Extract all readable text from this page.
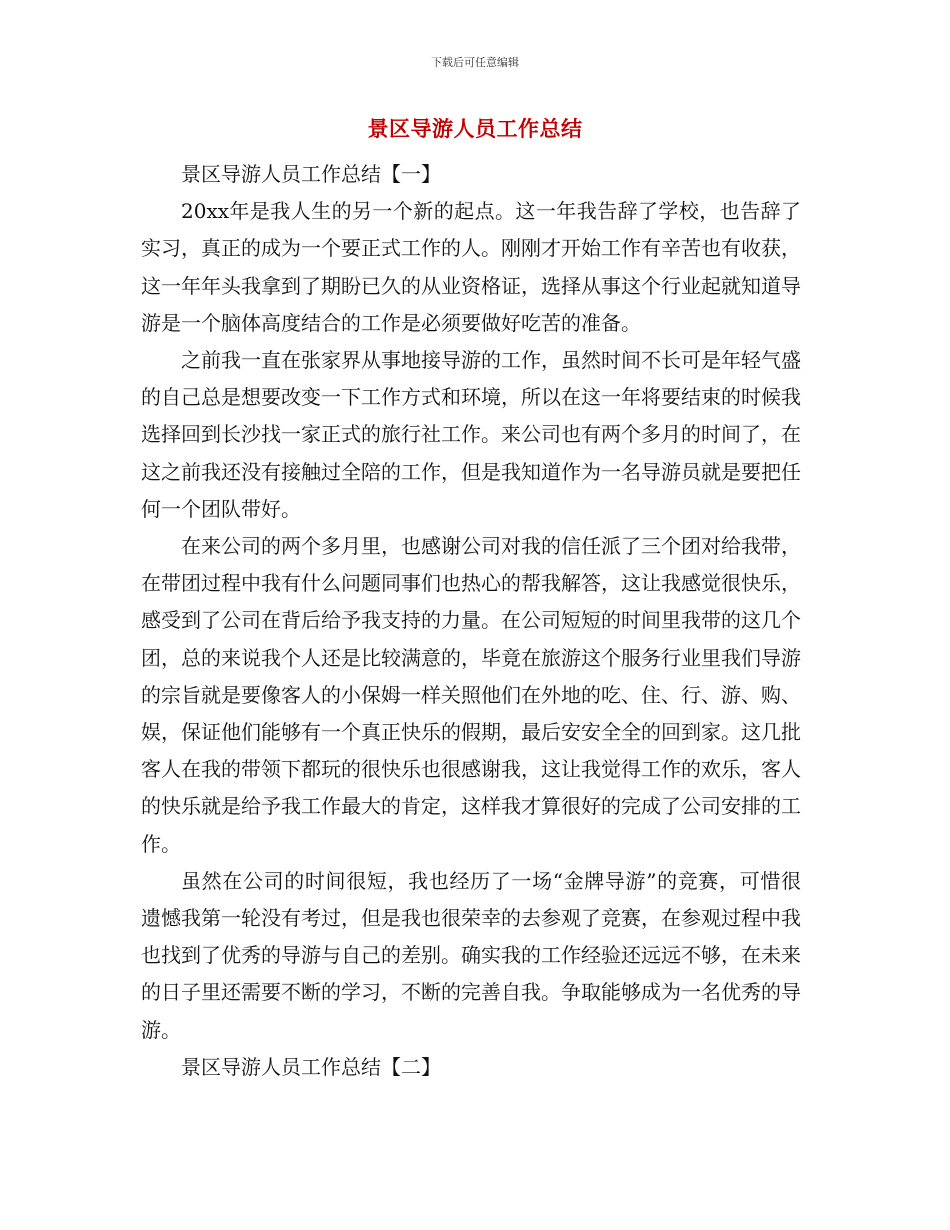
下载后可任意编辑
景区导游人员工作总结

景区导游人员工作总结【一】

20xx年是我人生的另一个新的起点。这一年我告辞了学校，也告辞了实习，真正的成为一个要正式工作的人。刚刚才开始工作有辛苦也有收获，这一年年头我拿到了期盼已久的从业资格证，选择从事这个行业起就知道导游是一个脑体高度结合的工作是必须要做好吃苦的准备。

之前我一直在张家界从事地接导游的工作，虽然时间不长可是年轻气盛的自己总是想要改变一下工作方式和环境，所以在这一年将要结束的时候我选择回到长沙找一家正式的旅行社工作。来公司也有两个多月的时间了，在这之前我还没有接触过全陪的工作，但是我知道作为一名导游员就是要把任何一个团队带好。

在来公司的两个多月里，也感谢公司对我的信任派了三个团对给我带，在带团过程中我有什么问题同事们也热心的帮我解答，这让我感觉很快乐，感受到了公司在背后给予我支持的力量。在公司短短的时间里我带的这几个团，总的来说我个人还是比较满意的，毕竟在旅游这个服务行业里我们导游的宗旨就是要像客人的小保姆一样关照他们在外地的吃、住、行、游、购、娱，保证他们能够有一个真正快乐的假期，最后安安全全的回到家。这几批客人在我的带领下都玩的很快乐也很感谢我，这让我觉得工作的欢乐，客人的快乐就是给予我工作最大的肯定，这样我才算很好的完成了公司安排的工作。

虽然在公司的时间很短，我也经历了一场“金牌导游”的竞赛，可惜很遗憾我第一轮没有考过，但是我也很荣幸的去参观了竞赛，在参观过程中我也找到了优秀的导游与自己的差别。确实我的工作经验还远远不够，在未来的日子里还需要不断的学习，不断的完善自我。争取能够成为一名优秀的导游。

景区导游人员工作总结【二】
